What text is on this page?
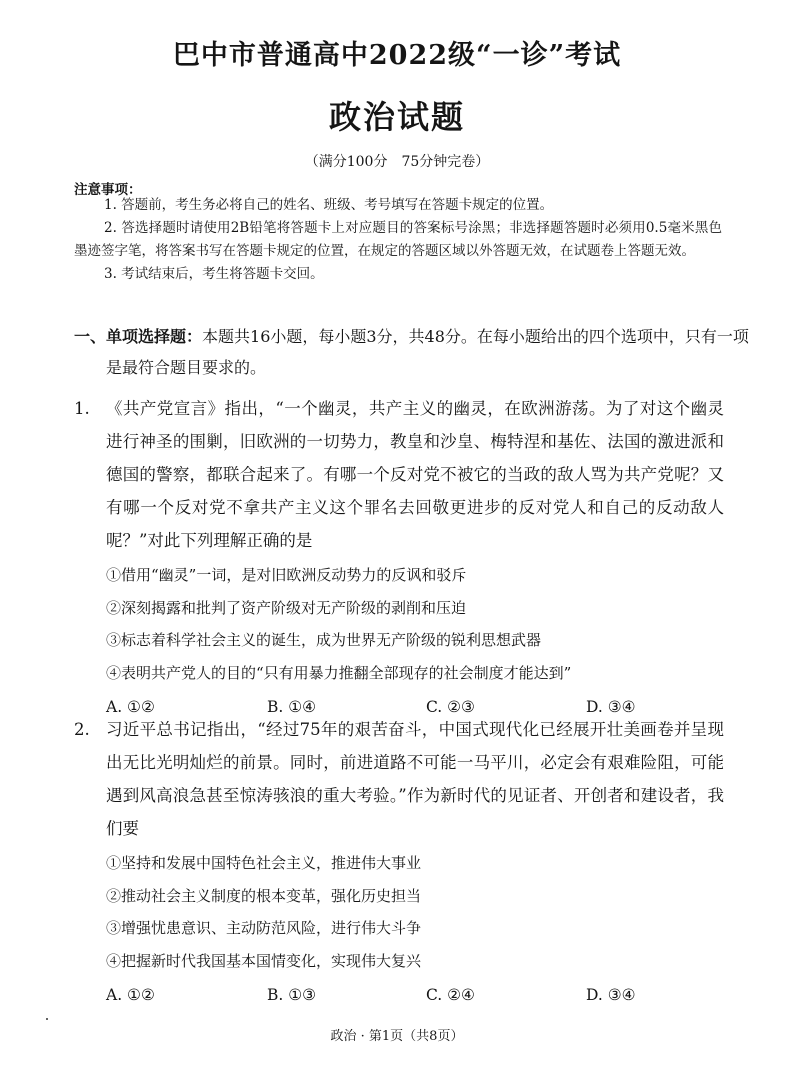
巴中市普通高中2022级“一诊”考试
政治试题
（满分100分　75分钟完卷）
注意事项：
1. 答题前，考生务必将自己的姓名、班级、考号填写在答题卡规定的位置。
2. 答选择题时请使用2B铅笔将答题卡上对应题目的答案标号涂黑；非选择题答题时必须用0.5毫米黑色墨迹签字笔，将答案书写在答题卡规定的位置，在规定的答题区域以外答题无效，在试题卷上答题无效。
3. 考试结束后，考生将答题卡交回。
一、单项选择题：本题共16小题，每小题3分，共48分。在每小题给出的四个选项中，只有一项是最符合题目要求的。
1. 《共产党宣言》指出，“一个幽灵，共产主义的幽灵，在欧洲游荡。为了对这个幽灵进行神圣的围剿，旧欧洲的一切势力，教皇和沙皇、梅特涅和基佐、法国的激进派和德国的警察，都联合起来了。有哪一个反对党不被它的当政的敌人骂为共产党呢？又有哪一个反对党不拿共产主义这个罪名去回敬更进步的反对党人和自己的反动敌人呢？”对此下列理解正确的是
①借用“幽灵”一词，是对旧欧洲反动势力的反讽和驳斥
②深刻揭露和批判了资产阶级对无产阶级的剥削和压迫
③标志着科学社会主义的诞生，成为世界无产阶级的锐利思想武器
④表明共产党人的目的“只有用暴力推翻全部现存的社会制度才能达到”
A. ①②	B. ①④	C. ②③	D. ③④
2. 习近平总书记指出，“经过75年的艰苦奋斗，中国式现代化已经展开壮美画卷并呈现出无比光明灿烂的前景。同时，前进道路不可能一马平川，必定会有艰难险阻，可能遇到风高浪急甚至惊涛骇浪的重大考验。”作为新时代的见证者、开创者和建设者，我们要
①坚持和发展中国特色社会主义，推进伟大事业
②推动社会主义制度的根本变革，强化历史担当
③增强忧患意识、主动防范风险，进行伟大斗争
④把握新时代我国基本国情变化，实现伟大复兴
A. ①②	B. ①③	C. ②④	D. ③④
政治 · 第1页（共8页）
